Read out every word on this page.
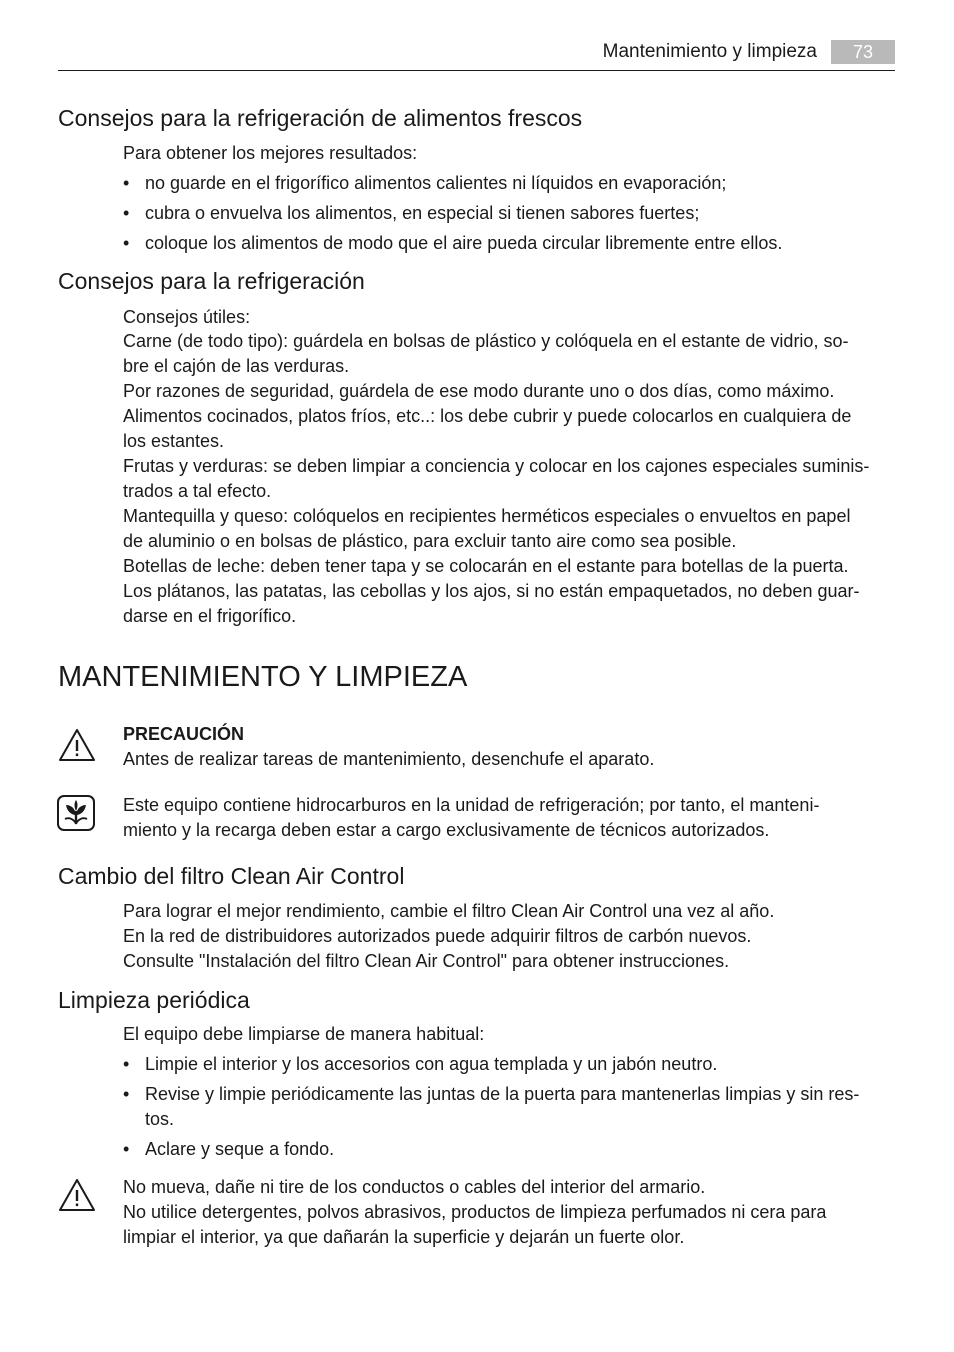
Mantenimiento y limpieza	73
Consejos para la refrigeración de alimentos frescos
Para obtener los mejores resultados:
• no guarde en el frigorífico alimentos calientes ni líquidos en evaporación;
• cubra o envuelva los alimentos, en especial si tienen sabores fuertes;
• coloque los alimentos de modo que el aire pueda circular libremente entre ellos.
Consejos para la refrigeración
Consejos útiles:
Carne (de todo tipo): guárdela en bolsas de plástico y colóquela en el estante de vidrio, so-
bre el cajón de las verduras.
Por razones de seguridad, guárdela de ese modo durante uno o dos días, como máximo.
Alimentos cocinados, platos fríos, etc..: los debe cubrir y puede colocarlos en cualquiera de
los estantes.
Frutas y verduras: se deben limpiar a conciencia y colocar en los cajones especiales suminis-
trados a tal efecto.
Mantequilla y queso: colóquelos en recipientes herméticos especiales o envueltos en papel
de aluminio o en bolsas de plástico, para excluir tanto aire como sea posible.
Botellas de leche: deben tener tapa y se colocarán en el estante para botellas de la puerta.
Los plátanos, las patatas, las cebollas y los ajos, si no están empaquetados, no deben guar-
darse en el frigorífico.
MANTENIMIENTO Y LIMPIEZA
PRECAUCIÓN
Antes de realizar tareas de mantenimiento, desenchufe el aparato.
Este equipo contiene hidrocarburos en la unidad de refrigeración; por tanto, el manteni-
miento y la recarga deben estar a cargo exclusivamente de técnicos autorizados.
Cambio del filtro Clean Air Control
Para lograr el mejor rendimiento, cambie el filtro Clean Air Control una vez al año.
En la red de distribuidores autorizados puede adquirir filtros de carbón nuevos.
Consulte "Instalación del filtro Clean Air Control" para obtener instrucciones.
Limpieza periódica
El equipo debe limpiarse de manera habitual:
• Limpie el interior y los accesorios con agua templada y un jabón neutro.
• Revise y limpie periódicamente las juntas de la puerta para mantenerlas limpias y sin res-
tos.
• Aclare y seque a fondo.
No mueva, dañe ni tire de los conductos o cables del interior del armario.
No utilice detergentes, polvos abrasivos, productos de limpieza perfumados ni cera para
limpiar el interior, ya que dañarán la superficie y dejarán un fuerte olor.
